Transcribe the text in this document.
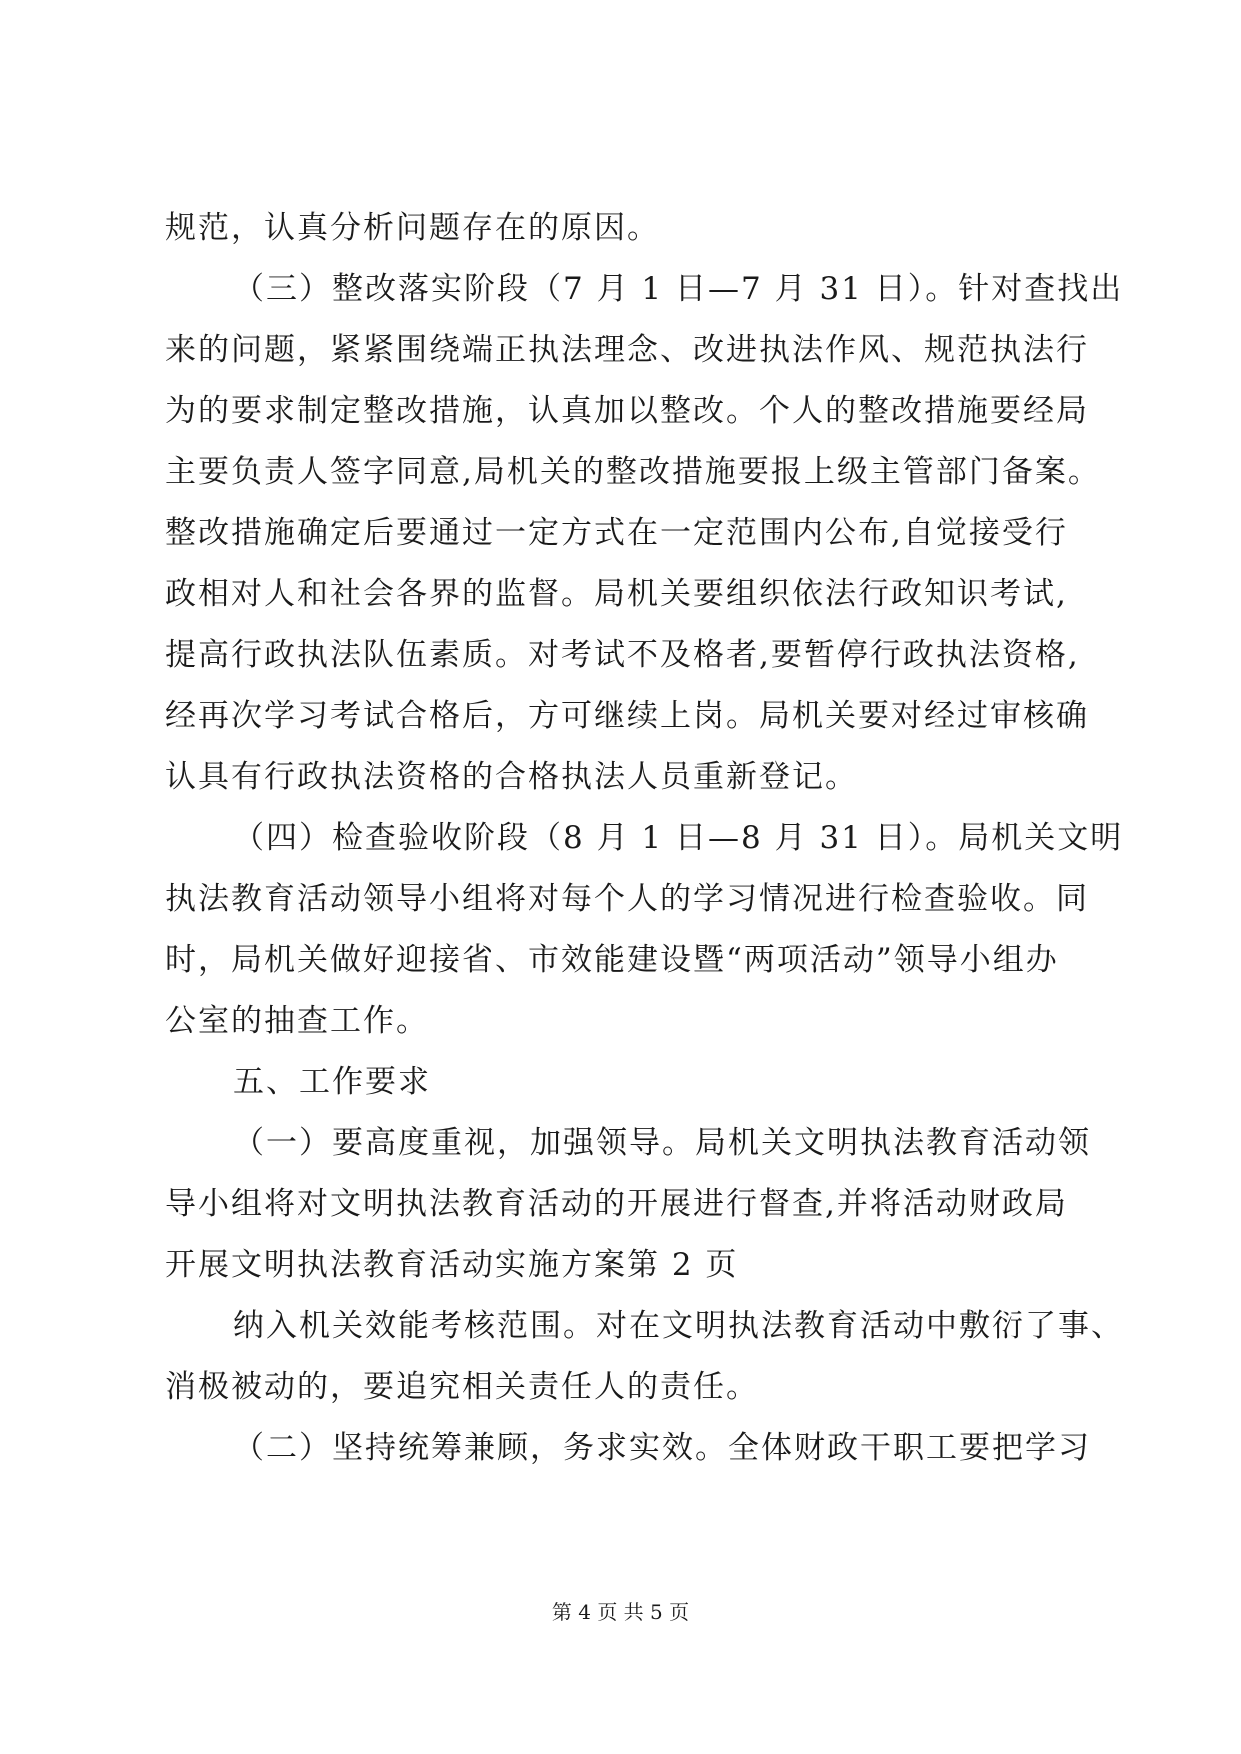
规范，认真分析问题存在的原因。
（三）整改落实阶段（7 月 1 日—7 月 31 日）。针对查找出
来的问题，紧紧围绕端正执法理念、改进执法作风、规范执法行
为的要求制定整改措施，认真加以整改。个人的整改措施要经局
主要负责人签字同意,局机关的整改措施要报上级主管部门备案。
整改措施确定后要通过一定方式在一定范围内公布,自觉接受行
政相对人和社会各界的监督。局机关要组织依法行政知识考试,
提高行政执法队伍素质。对考试不及格者,要暂停行政执法资格,
经再次学习考试合格后，方可继续上岗。局机关要对经过审核确
认具有行政执法资格的合格执法人员重新登记。
（四）检查验收阶段（8 月 1 日—8 月 31 日）。局机关文明
执法教育活动领导小组将对每个人的学习情况进行检查验收。同
时，局机关做好迎接省、市效能建设暨“两项活动”领导小组办
公室的抽查工作。
五、工作要求
（一）要高度重视，加强领导。局机关文明执法教育活动领
导小组将对文明执法教育活动的开展进行督查,并将活动财政局
开展文明执法教育活动实施方案第 2 页
纳入机关效能考核范围。对在文明执法教育活动中敷衍了事、
消极被动的，要追究相关责任人的责任。
（二）坚持统筹兼顾，务求实效。全体财政干职工要把学习
第 4 页 共 5 页
